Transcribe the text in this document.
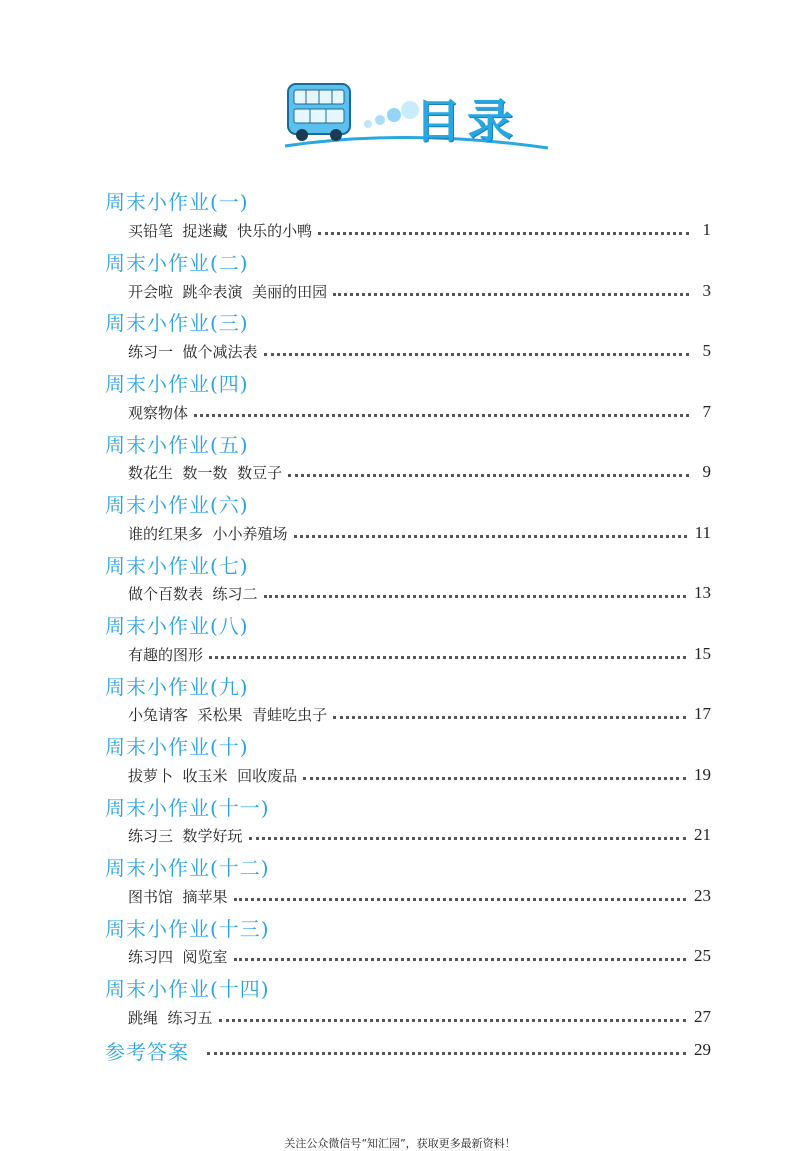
目录
周末小作业(一)
买铅笔  捉迷藏  快乐的小鸭	1
周末小作业(二)
开会啦  跳伞表演  美丽的田园	3
周末小作业(三)
练习一  做个减法表	5
周末小作业(四)
观察物体	7
周末小作业(五)
数花生  数一数  数豆子	9
周末小作业(六)
谁的红果多  小小养殖场	11
周末小作业(七)
做个百数表  练习二	13
周末小作业(八)
有趣的图形	15
周末小作业(九)
小兔请客  采松果  青蛙吃虫子	17
周末小作业(十)
拔萝卜  收玉米  回收废品	19
周末小作业(十一)
练习三  数学好玩	21
周末小作业(十二)
图书馆  摘苹果	23
周末小作业(十三)
练习四  阅览室	25
周末小作业(十四)
跳绳  练习五	27
参考答案	29
关注公众微信号“知汇园”，获取更多最新资料！
